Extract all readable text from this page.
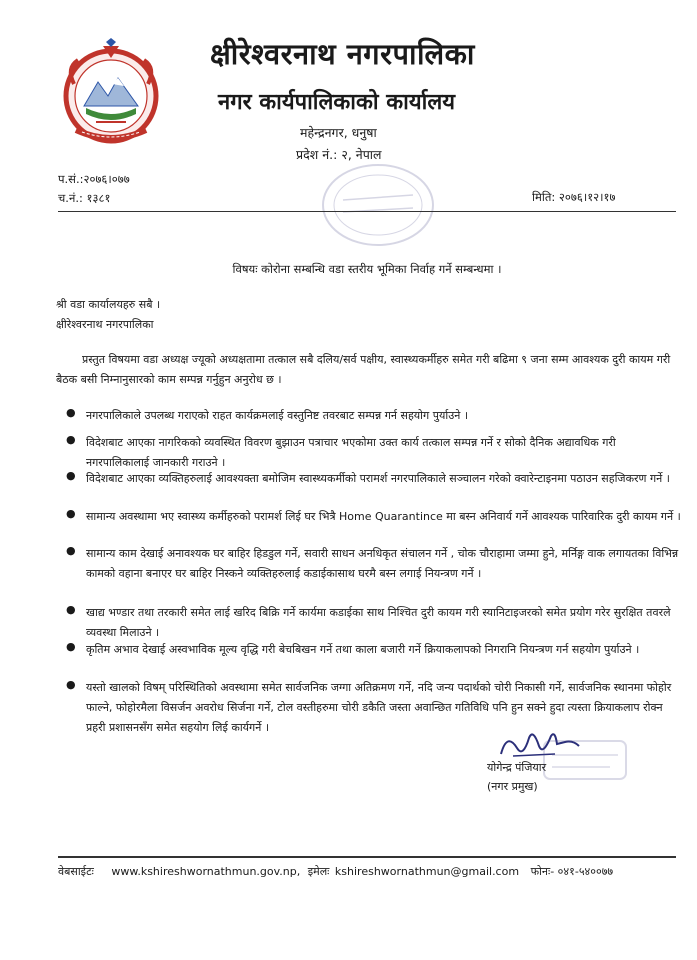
क्षीरेश्वरनाथ नगरपालिका
नगर कार्यपालिकाको कार्यालय
महेन्द्रनगर, धनुषा
प्रदेश नं.: २, नेपाल
प.सं.:२०७६।०७७
च.नं.: १३८१	मिति: २०७६।१२।१७
विषयः कोरोना सम्बन्धि वडा स्तरीय भूमिका निर्वाह गर्ने सम्बन्धमा ।
श्री वडा कार्यालयहरु सबै ।
क्षीरेश्वरनाथ नगरपालिका
प्रस्तुत विषयमा वडा अध्यक्ष ज्यूको अध्यक्षतामा तत्काल सबै दलिय/सर्व पक्षीय, स्वास्थ्यकर्मीहरु समेत गरी बढिमा ९ जना सम्म आवश्यक दुरी कायम गरी बैठक बसी निम्नानुसारको काम सम्पन्न गर्नुहुन अनुरोध छ ।
● नगरपालिकाले उपलब्ध गराएको राहत कार्यक्रमलाई वस्तुनिष्ट तवरबाट सम्पन्न गर्न सहयोग पुर्याउने ।
● विदेशबाट आएका नागरिकको व्यवस्थित विवरण बुझाउन पत्राचार भएकोमा उक्त कार्य तत्काल सम्पन्न गर्ने र सोको दैनिक अद्यावधिक गरी नगरपालिकालाई जानकारी गराउने ।
● विदेशबाट आएका व्यक्तिहरुलाई आवश्यक्ता बमोजिम स्वास्थ्यकर्मीको परामर्श नगरपालिकाले सञ्चालन गरेको क्वारेन्टाइनमा पठाउन सहजिकरण गर्ने ।
● सामान्य अवस्थामा भए स्वास्थ्य कर्मीहरुको परामर्श लिई घर भित्रै Home Quarantince मा बस्न अनिवार्य गर्ने आवश्यक पारिवारिक दुरी कायम गर्ने ।
● सामान्य काम देखाई अनावश्यक घर बाहिर हिडडुल गर्ने, सवारी साधन अनधिकृत संचालन गर्ने , चोक चौराहामा जम्मा हुने, मर्निङ्ग वाक लगायतका विभिन्न कामको वहाना बनाएर घर बाहिर निस्कने व्यक्तिहरुलाई कडाईकासाथ घरमै बस्न लगाई नियन्त्रण गर्ने ।
● खाद्य भण्डार तथा तरकारी समेत लाई खरिद बिक्रि गर्ने कार्यमा कडाईका साथ निश्चित दुरी कायम गरी स्यानिटाइजरको समेत प्रयोग गरेर सुरक्षित तवरले व्यवस्था मिलाउने ।
● कृतिम अभाव देखाई अस्वभाविक मूल्य वृद्धि गरी बेचबिखन गर्ने तथा काला बजारी गर्ने क्रियाकलापको निगरानि नियन्त्रण गर्न सहयोग पुर्याउने ।
● यस्तो खालको विषम् परिस्थितिको अवस्थामा समेत सार्वजनिक जग्गा अतिक्रमण गर्ने, नदि जन्य पदार्थको चोरी निकासी गर्ने, सार्वजनिक स्थानमा फोहोर फाल्ने, फोहोरमैला विसर्जन अवरोध सिर्जना गर्ने, टोल वस्तीहरुमा चोरी डकैति जस्ता अवान्छित गतिविधि पनि हुन सक्ने हुदा त्यस्ता क्रियाकलाप रोक्न प्रहरी प्रशासनसँग समेत सहयोग लिई कार्यगर्ने ।
योगेन्द्र पंजियार
(नगर प्रमुख)
वेबसाईटः www.kshireshwornathmun.gov.np, इमेलः kshireshwornathmun@gmail.com फोनः- ०४१-५४००७७
